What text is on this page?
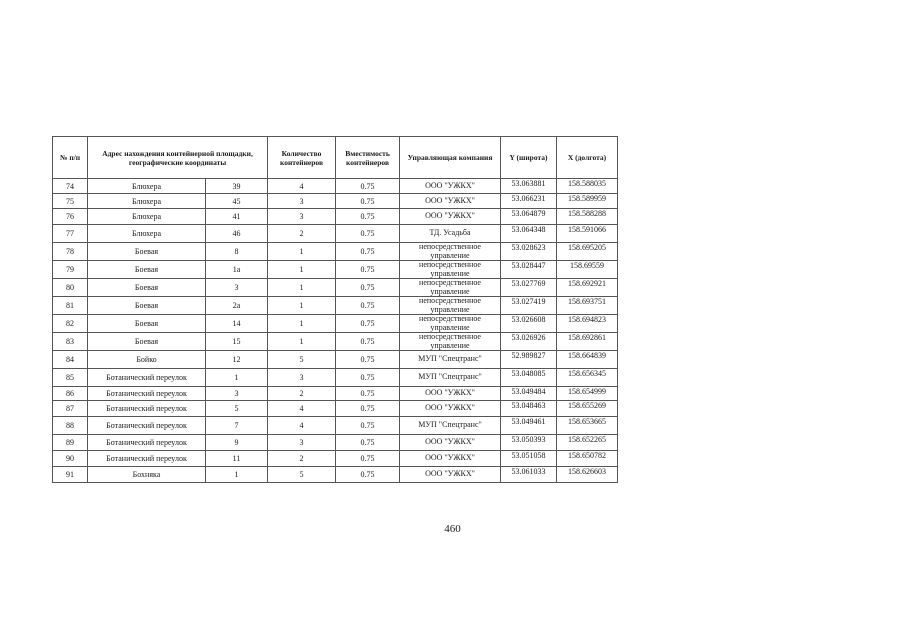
№ п/п	Адрес нахождения контейнерной площадки, географические координаты		Количество контейнеров	Вместимость контейнеров	Управляющая компания	Y (широта)	X (долгота)
74	Блюхера	39	4	0.75	ООО "УЖКХ"	53.063881	158.588035
75	Блюхера	45	3	0.75	ООО "УЖКХ"	53.066231	158.589959
76	Блюхера	41	3	0.75	ООО "УЖКХ"	53.064879	158.588288
77	Блюхера	46	2	0.75	ТД. Усадьба	53.064348	158.591066
78	Боевая	8	1	0.75	непосредственное управление	53.028623	158.695205
79	Боевая	1а	1	0.75	непосредственное управление	53.028447	158.69559
80	Боевая	3	1	0.75	непосредственное управление	53.027769	158.692921
81	Боевая	2а	1	0.75	непосредственное управление	53.027419	158.693751
82	Боевая	14	1	0.75	непосредственное управление	53.026608	158.694823
83	Боевая	15	1	0.75	непосредственное управление	53.026926	158.692861
84	Бойко	12	5	0.75	МУП "Спецтранс"	52.989827	158.664839
85	Ботанический переулок	1	3	0.75	МУП "Спецтранс"	53.048085	158.656345
86	Ботанический переулок	3	2	0.75	ООО "УЖКХ"	53.049484	158.654999
87	Ботанический переулок	5	4	0.75	ООО "УЖКХ"	53.048463	158.655269
88	Ботанический переулок	7	4	0.75	МУП "Спецтранс"	53.049461	158.653665
89	Ботанический переулок	9	3	0.75	ООО "УЖКХ"	53.050393	158.652265
90	Ботанический переулок	11	2	0.75	ООО "УЖКХ"	53.051058	158.650782
91	Бохняка	1	5	0.75	ООО "УЖКХ"	53.061033	158.626603
460
